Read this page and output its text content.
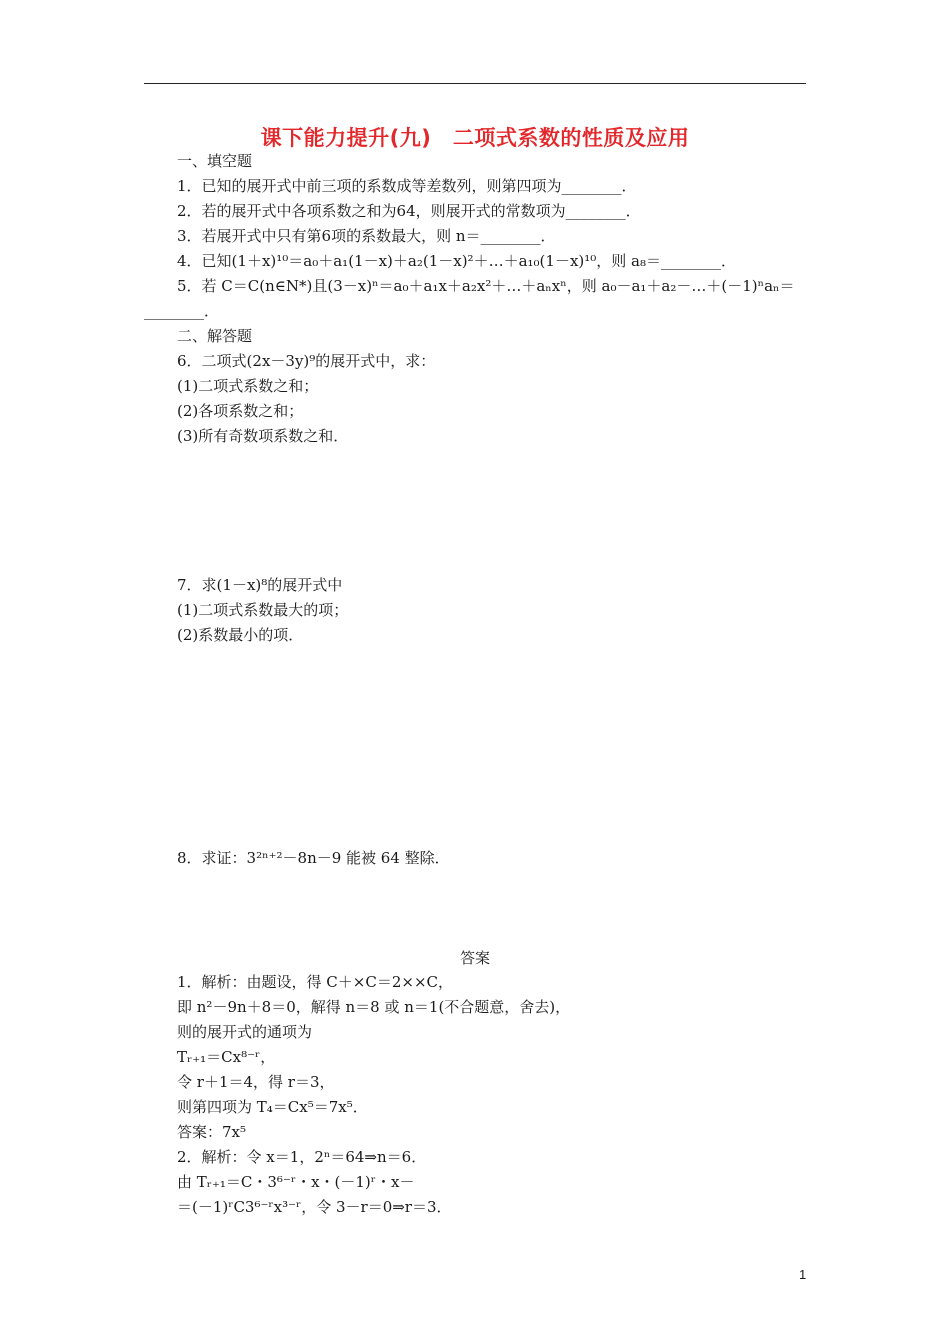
课下能力提升(九)　二项式系数的性质及应用
一、填空题
1．已知的展开式中前三项的系数成等差数列，则第四项为________．
2．若的展开式中各项系数之和为64，则展开式的常数项为________．
3．若展开式中只有第6项的系数最大，则 n＝________．
4．已知(1＋x)¹⁰＝a₀＋a₁(1－x)＋a₂(1－x)²＋…＋a₁₀(1－x)¹⁰，则 a₈＝________．
5．若 C＝C(n∈N*)且(3－x)ⁿ＝a₀＋a₁x＋a₂x²＋…＋aₙxⁿ，则 a₀－a₁＋a₂－…＋(－1)ⁿaₙ＝
________．
二、解答题
6．二项式(2x－3y)⁹的展开式中，求：
(1)二项式系数之和；
(2)各项系数之和；
(3)所有奇数项系数之和．
7．求(1－x)⁸的展开式中
(1)二项式系数最大的项；
(2)系数最小的项．
8．求证：3²ⁿ⁺²－8n－9 能被 64 整除．
答案
1．解析：由题设，得 C＋×C＝2××C，
即 n²－9n＋8＝0，解得 n＝8 或 n＝1(不合题意，舍去)，
则的展开式的通项为
Tᵣ₊₁＝Cx⁸⁻ʳ，
令 r＋1＝4，得 r＝3，
则第四项为 T₄＝Cx⁵＝7x⁵．
答案：7x⁵
2．解析：令 x＝1，2ⁿ＝64⇒n＝6．
由 Tᵣ₊₁＝C・3⁶⁻ʳ・x・(－1)ʳ・x－
＝(－1)ʳC3⁶⁻ʳx³⁻ʳ，令 3－r＝0⇒r＝3．
1
